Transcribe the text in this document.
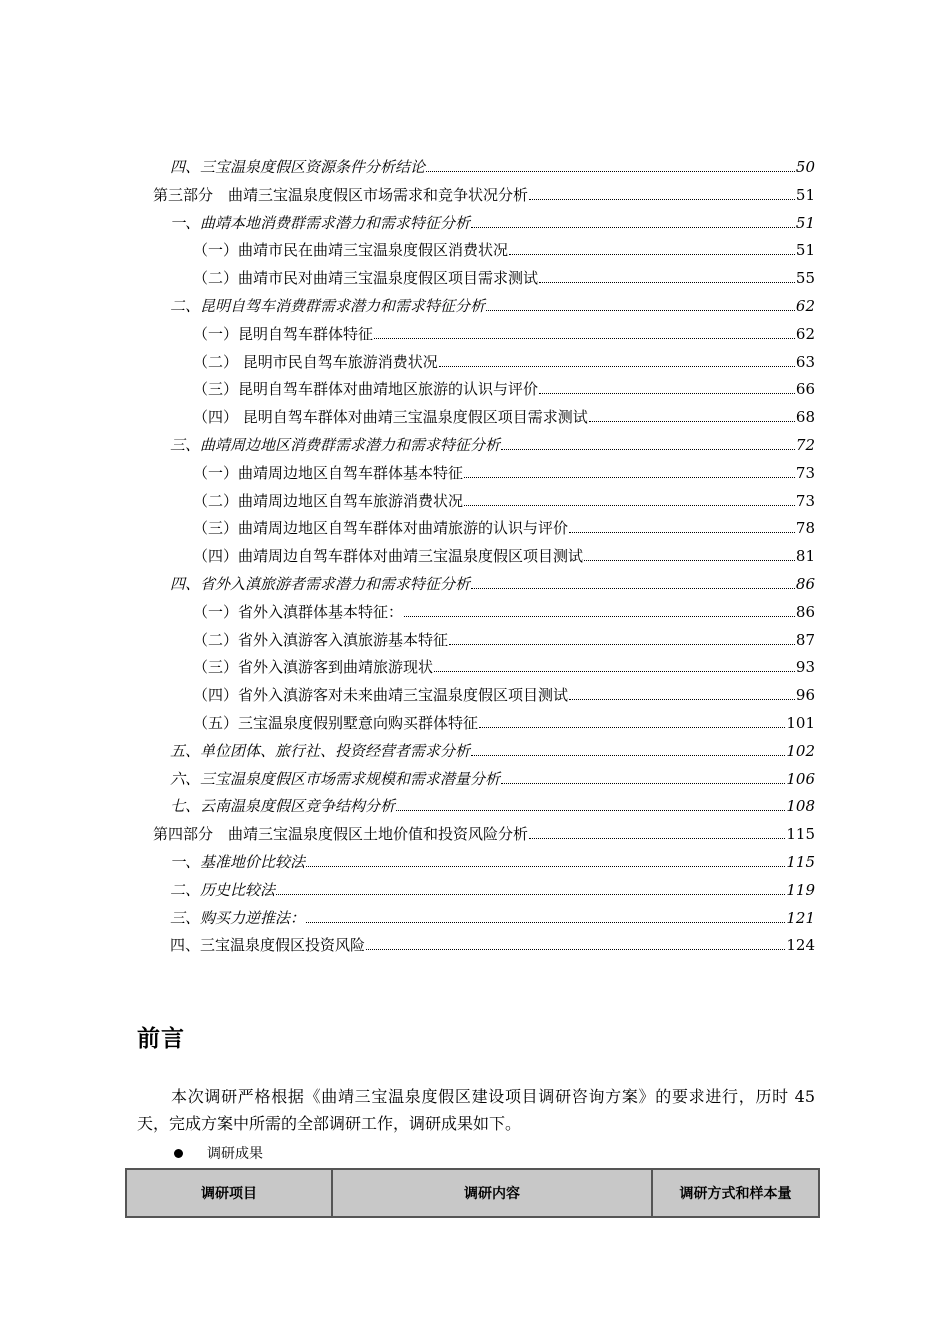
四、三宝温泉度假区资源条件分析结论	50
第三部分　曲靖三宝温泉度假区市场需求和竞争状况分析	51
一、曲靖本地消费群需求潜力和需求特征分析	51
（一）曲靖市民在曲靖三宝温泉度假区消费状况	51
（二）曲靖市民对曲靖三宝温泉度假区项目需求测试	55
二、昆明自驾车消费群需求潜力和需求特征分析	62
（一）昆明自驾车群体特征	62
（二） 昆明市民自驾车旅游消费状况	63
（三）昆明自驾车群体对曲靖地区旅游的认识与评价	66
（四） 昆明自驾车群体对曲靖三宝温泉度假区项目需求测试	68
三、曲靖周边地区消费群需求潜力和需求特征分析	72
（一）曲靖周边地区自驾车群体基本特征	73
（二）曲靖周边地区自驾车旅游消费状况	73
（三）曲靖周边地区自驾车群体对曲靖旅游的认识与评价	78
（四）曲靖周边自驾车群体对曲靖三宝温泉度假区项目测试	81
四、省外入滇旅游者需求潜力和需求特征分析	86
（一）省外入滇群体基本特征：	86
（二）省外入滇游客入滇旅游基本特征	87
（三）省外入滇游客到曲靖旅游现状	93
（四）省外入滇游客对未来曲靖三宝温泉度假区项目测试	96
（五）三宝温泉度假别墅意向购买群体特征	101
五、单位团体、旅行社、投资经营者需求分析	102
六、三宝温泉度假区市场需求规模和需求潜量分析	106
七、云南温泉度假区竞争结构分析	108
第四部分　曲靖三宝温泉度假区土地价值和投资风险分析	115
一、基准地价比较法	115
二、历史比较法	119
三、购买力逆推法：	121
四、三宝温泉度假区投资风险	124
前言
本次调研严格根据《曲靖三宝温泉度假区建设项目调研咨询方案》的要求进行，历时 45 天，完成方案中所需的全部调研工作，调研成果如下。
调研成果
调研项目	调研内容	调研方式和样本量
